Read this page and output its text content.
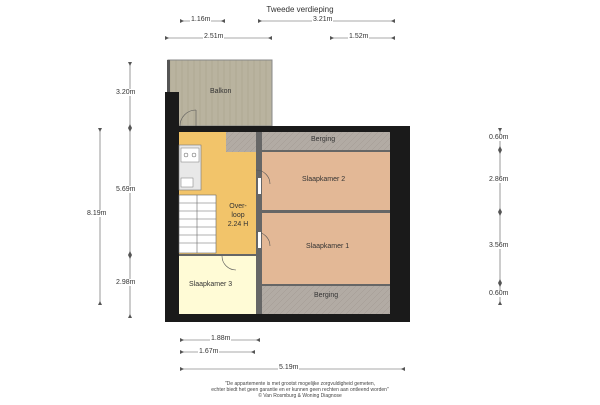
Tweede verdieping
1.16m	3.21m
2.51m	1.52m
3.20m
5.69m
8.19m
2.98m
0.60m
2.86m
3.56m
0.60m
1.88m
1.67m
5.19m
Balkon
Berging
Slaapkamer 2
Over-
loop
2.24 H
Slaapkamer 1
Slaapkamer 3
Berging
"De appartemente is met grootst mogelijke zorgvuldigheid gemeten,
echter biedt het geen garantie en er kunnen geen rechten aan ontleend worden"
© Van Rosmburg & Woning Diagnose
